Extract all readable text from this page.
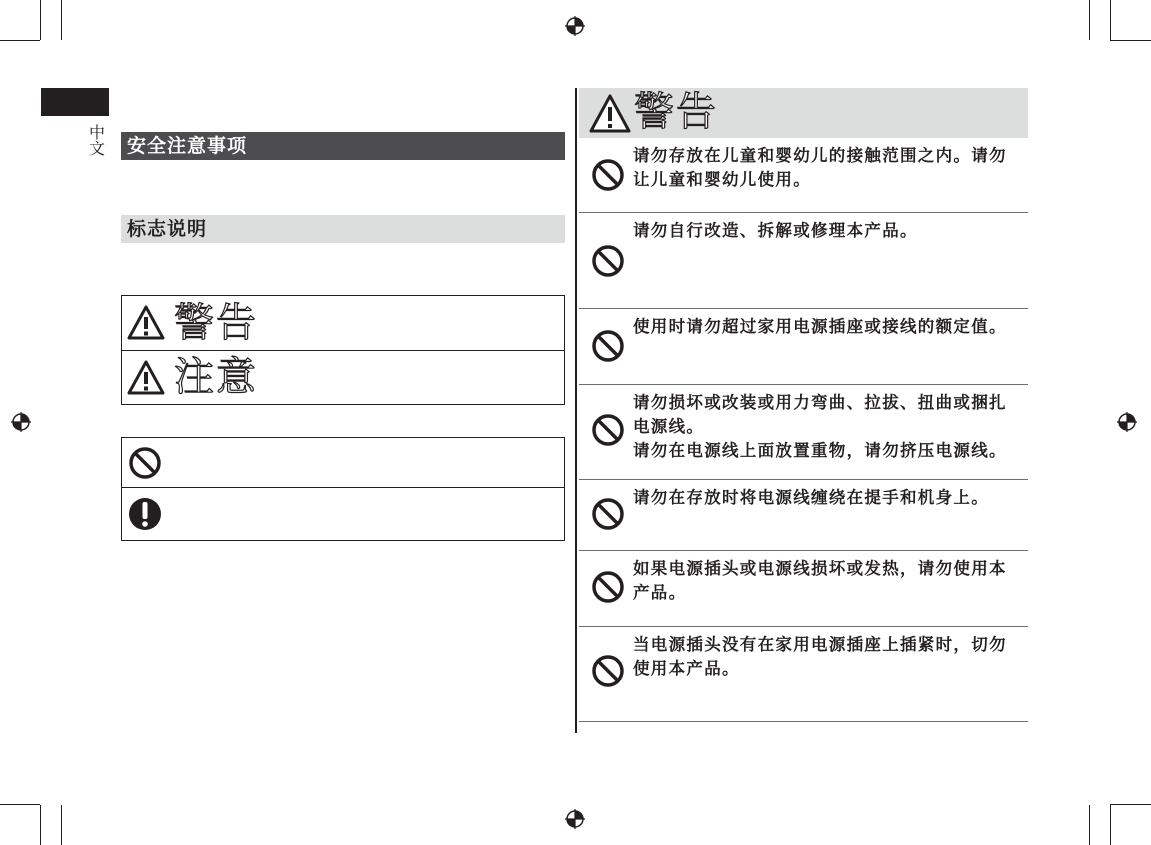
中文	安全注意事项
标志说明
警告
注意
警告
请勿存放在儿童和婴幼儿的接触范围之内。请勿让儿童和婴幼儿使用。
请勿自行改造、拆解或修理本产品。
使用时请勿超过家用电源插座或接线的额定值。
请勿损坏或改装或用力弯曲、拉拔、扭曲或捆扎电源线。
请勿在电源线上面放置重物，请勿挤压电源线。
请勿在存放时将电源线缠绕在提手和机身上。
如果电源插头或电源线损坏或发热，请勿使用本产品。
当电源插头没有在家用电源插座上插紧时，切勿使用本产品。
